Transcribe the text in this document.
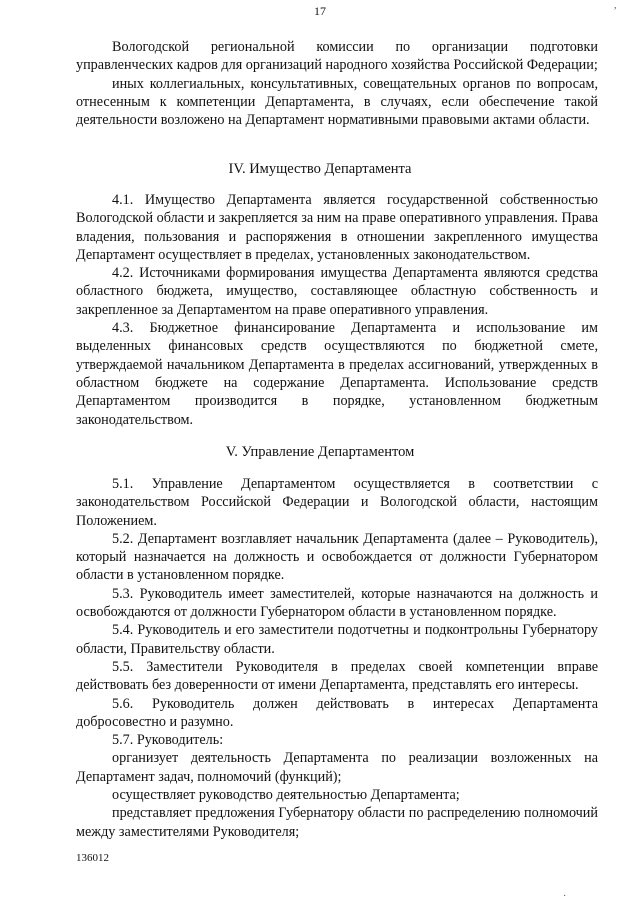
17
Вологодской региональной комиссии по организации подготовки управленческих кадров для организаций народного хозяйства Российской Федерации;
иных коллегиальных, консультативных, совещательных органов по вопросам, отнесенным к компетенции Департамента, в случаях, если обеспечение такой деятельности возложено на Департамент нормативными правовыми актами области.
IV. Имущество Департамента
4.1. Имущество Департамента является государственной собственностью Вологодской области и закрепляется за ним на праве оперативного управления. Права владения, пользования и распоряжения в отношении закрепленного имущества Департамент осуществляет в пределах, установленных законодательством.
4.2. Источниками формирования имущества Департамента являются средства областного бюджета, имущество, составляющее областную собственность и закрепленное за Департаментом на праве оперативного управления.
4.3. Бюджетное финансирование Департамента и использование им выделенных финансовых средств осуществляются по бюджетной смете, утверждаемой начальником Департамента в пределах ассигнований, утвержденных в областном бюджете на содержание Департамента. Использование средств Департаментом производится в порядке, установленном бюджетным законодательством.
V. Управление Департаментом
5.1. Управление Департаментом осуществляется в соответствии с законодательством Российской Федерации и Вологодской области, настоящим Положением.
5.2. Департамент возглавляет начальник Департамента (далее – Руководитель), который назначается на должность и освобождается от должности Губернатором области в установленном порядке.
5.3. Руководитель имеет заместителей, которые назначаются на должность и освобождаются от должности Губернатором области в установленном порядке.
5.4. Руководитель и его заместители подотчетны и подконтрольны Губернатору области, Правительству области.
5.5. Заместители Руководителя в пределах своей компетенции вправе действовать без доверенности от имени Департамента, представлять его интересы.
5.6. Руководитель должен действовать в интересах Департамента добросовестно и разумно.
5.7. Руководитель:
организует деятельность Департамента по реализации возложенных на Департамент задач, полномочий (функций);
осуществляет руководство деятельностью Департамента;
представляет предложения Губернатору области по распределению полномочий между заместителями Руководителя;
136012
,
·
